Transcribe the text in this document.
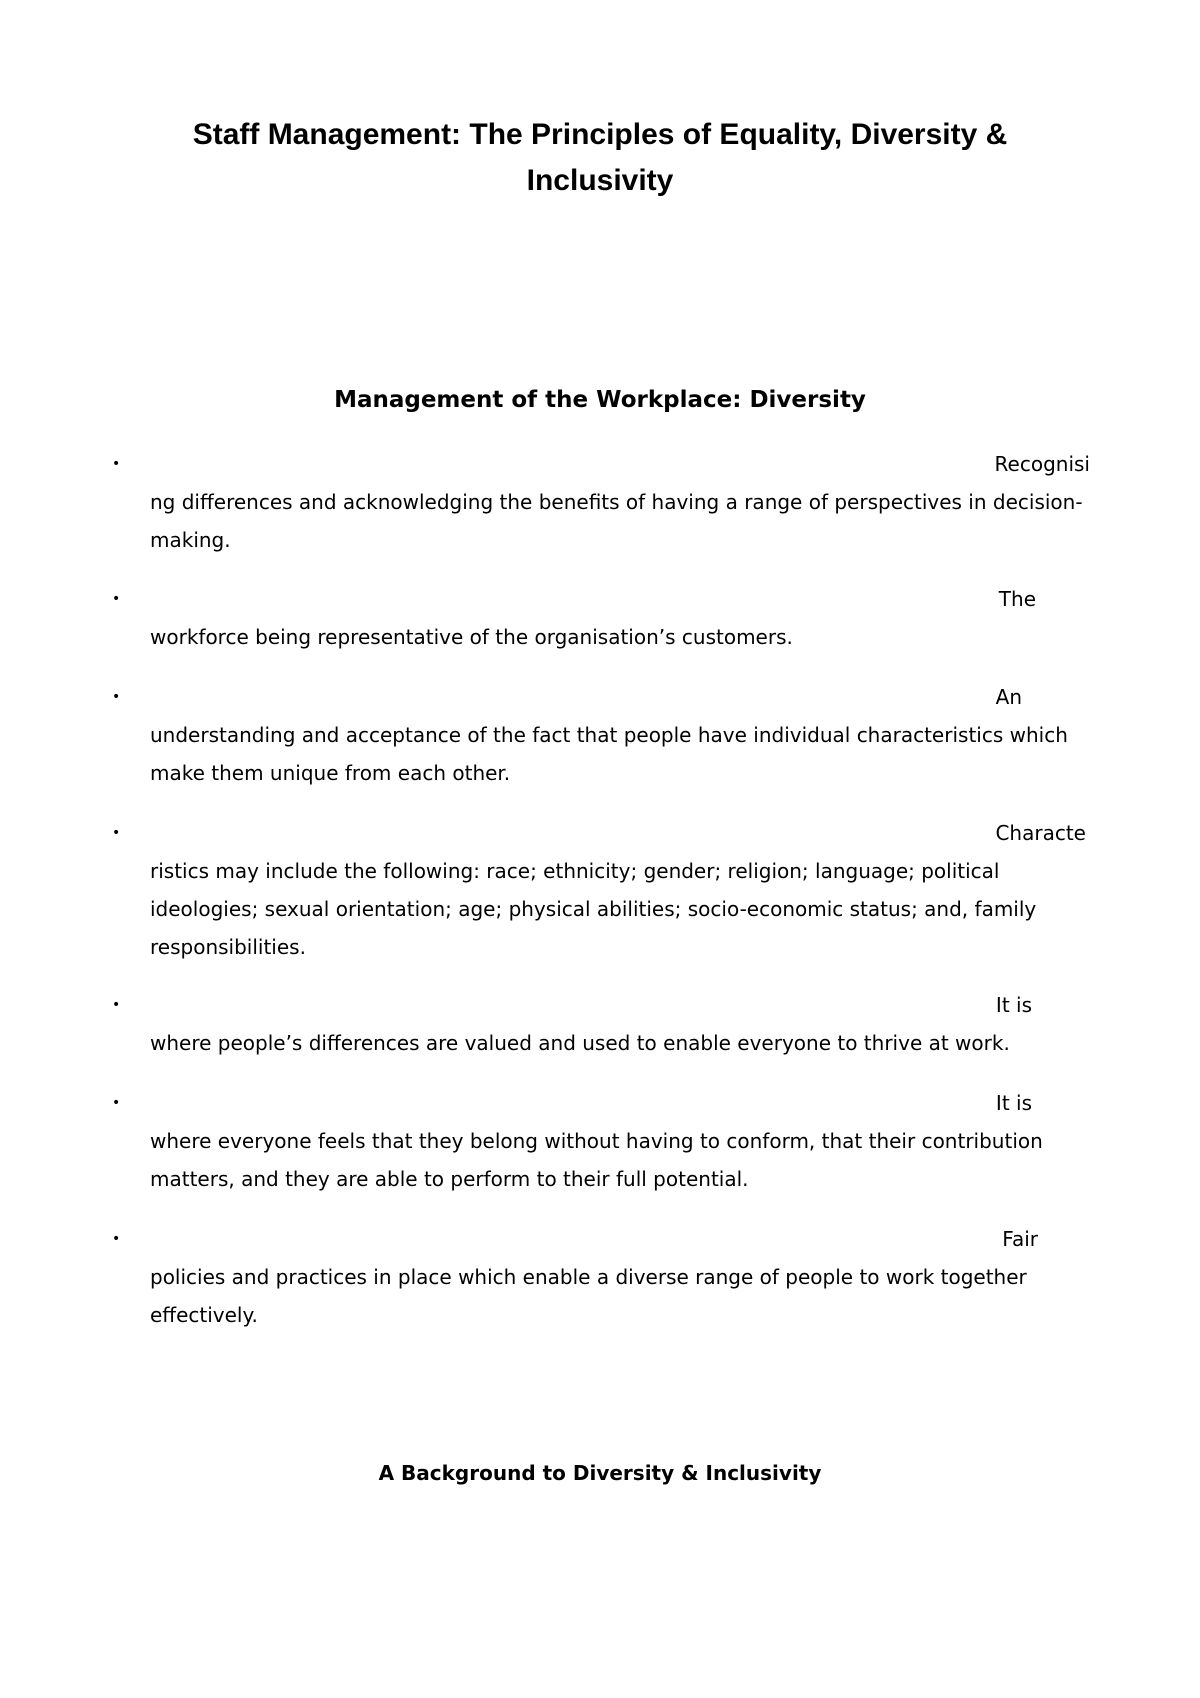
Staff Management: The Principles of Equality, Diversity & Inclusivity
Management of the Workplace: Diversity
•	Recognisi
ng differences and acknowledging the benefits of having a range of perspectives in decision-making.
•	The
workforce being representative of the organisation’s customers.
•	An
understanding and acceptance of the fact that people have individual characteristics which make them unique from each other.
•	Characte
ristics may include the following: race; ethnicity; gender; religion; language; political ideologies; sexual orientation; age; physical abilities; socio-economic status; and, family responsibilities.
•	It is
where people’s differences are valued and used to enable everyone to thrive at work.
•	It is
where everyone feels that they belong without having to conform, that their contribution matters, and they are able to perform to their full potential.
•	Fair
policies and practices in place which enable a diverse range of people to work together effectively.
A Background to Diversity & Inclusivity
